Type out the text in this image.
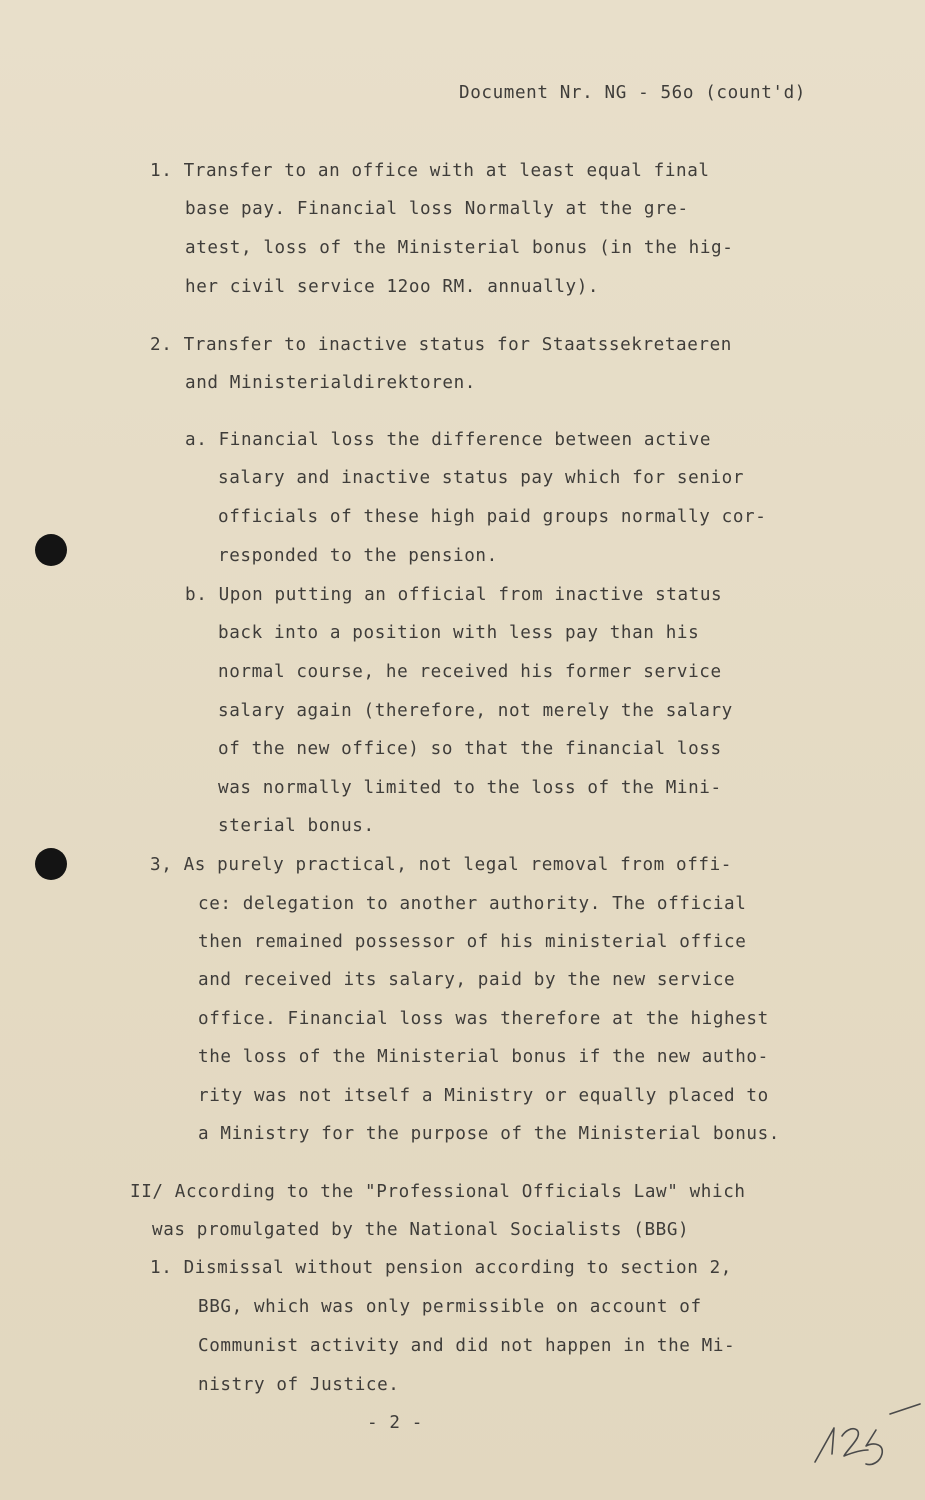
Document Nr. NG - 56o (count'd)
1. Transfer to an office with at least equal final
base pay. Financial loss Normally at the gre-
atest, loss of the Ministerial bonus (in the hig-
her civil service 12oo RM. annually).
2. Transfer to inactive status for Staatssekretaeren
and Ministerialdirektoren.
a. Financial loss the difference between active
salary and inactive status pay which for senior
officials of these high paid groups normally cor-
responded to the pension.
b. Upon putting an official from inactive status
back into a position with less pay than his
normal course, he received his former service
salary again (therefore, not merely the salary
of the new office) so that the financial loss
was normally limited to the loss of the Mini-
sterial bonus.
3, As purely practical, not legal removal from offi-
ce: delegation to another authority. The official
then remained possessor of his ministerial office
and received its salary, paid by the new service
office. Financial loss was therefore at the highest
the loss of the Ministerial bonus if the new autho-
rity was not itself a Ministry or equally placed to
a Ministry for the purpose of the Ministerial bonus.
II/ According to the "Professional Officials Law" which
was promulgated by the National Socialists (BBG)
1. Dismissal without pension according to section 2,
BBG, which was only permissible on account of
Communist activity and did not happen in the Mi-
nistry of Justice.
- 2 -
